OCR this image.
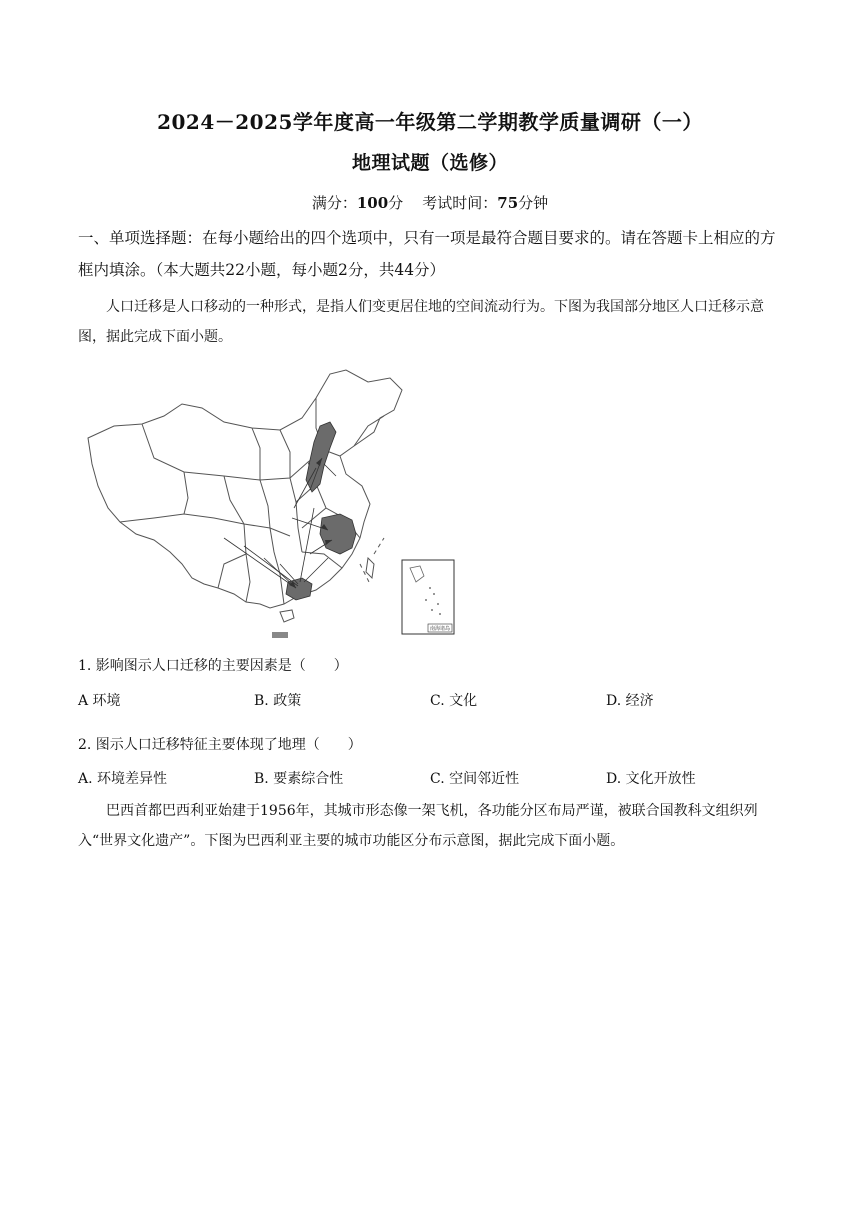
2024－2025学年度高一年级第二学期教学质量调研（一）
地理试题（选修）
满分：100分 考试时间：75分钟
一、单项选择题：在每小题给出的四个选项中，只有一项是最符合题目要求的。请在答题卡上相应的方框内填涂。（本大题共22小题，每小题2分，共44分）
人口迁移是人口移动的一种形式，是指人们变更居住地的空间流动行为。下图为我国部分地区人口迁移示意图，据此完成下面小题。
南海诸岛
1. 影响图示人口迁移的主要因素是（　　）
A 环境	B. 政策	C. 文化	D. 经济
2. 图示人口迁移特征主要体现了地理（　　）
A. 环境差异性	B. 要素综合性	C. 空间邻近性	D. 文化开放性
巴西首都巴西利亚始建于1956年，其城市形态像一架飞机，各功能分区布局严谨，被联合国教科文组织列入“世界文化遗产”。下图为巴西利亚主要的城市功能区分布示意图，据此完成下面小题。
